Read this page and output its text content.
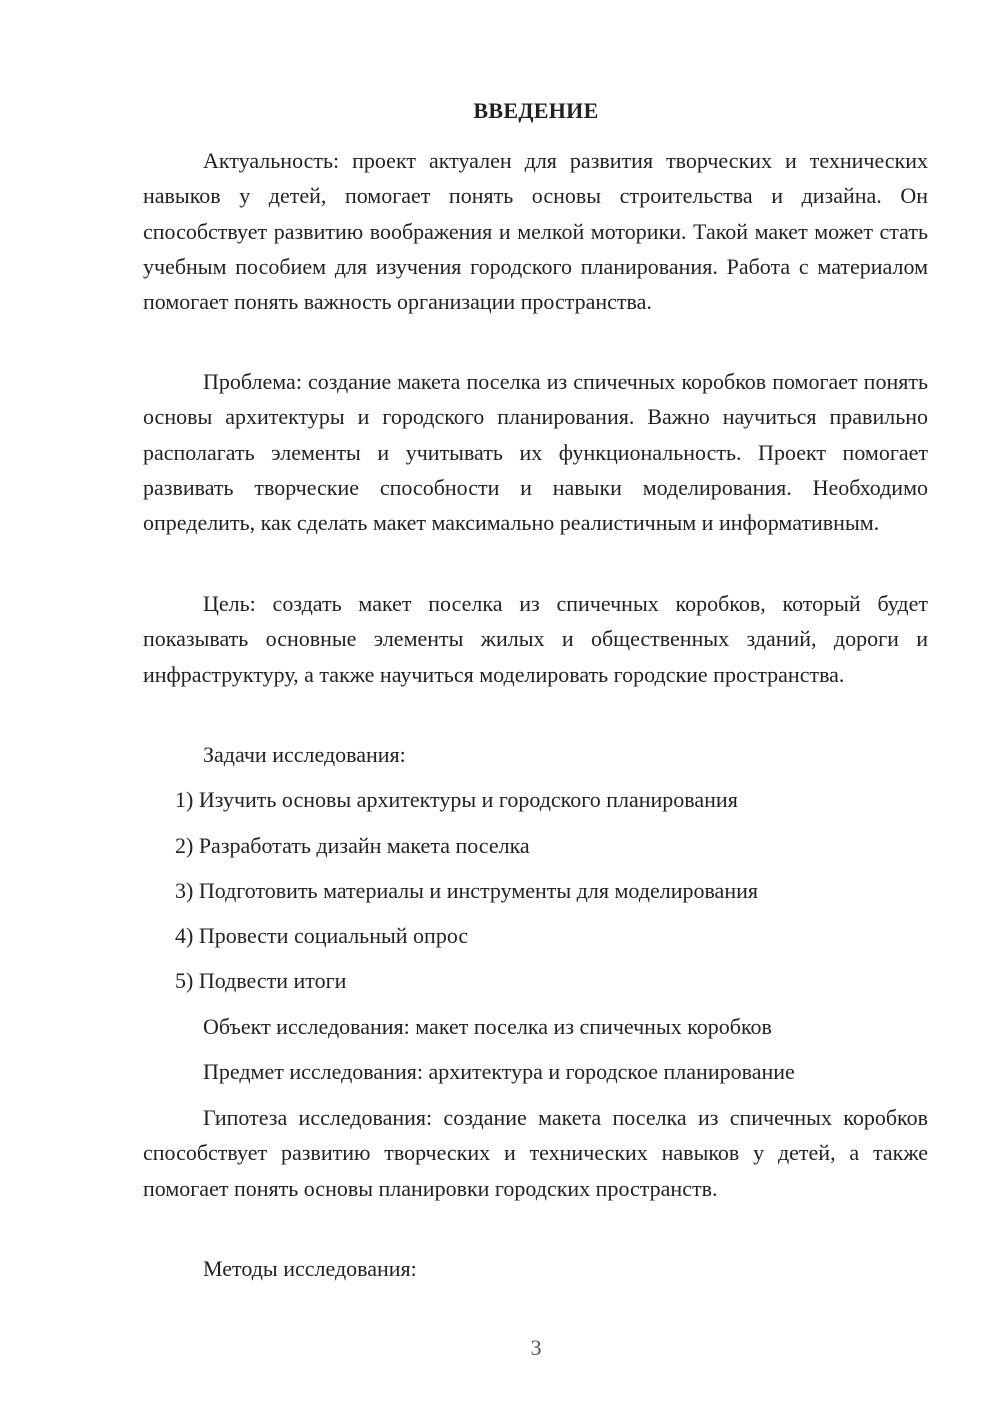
ВВЕДЕНИЕ

Актуальность: проект актуален для развития творческих и технических навыков у детей, помогает понять основы строительства и дизайна. Он способствует развитию воображения и мелкой моторики. Такой макет может стать учебным пособием для изучения городского планирования. Работа с материалом помогает понять важность организации пространства.

Проблема: создание макета поселка из спичечных коробков помогает понять основы архитектуры и городского планирования. Важно научиться правильно располагать элементы и учитывать их функциональность. Проект помогает развивать творческие способности и навыки моделирования. Необходимо определить, как сделать макет максимально реалистичным и информативным.

Цель: создать макет поселка из спичечных коробков, который будет показывать основные элементы жилых и общественных зданий, дороги и инфраструктуру, а также научиться моделировать городские пространства.

Задачи исследования:
1) Изучить основы архитектуры и городского планирования
2) Разработать дизайн макета поселка
3) Подготовить материалы и инструменты для моделирования
4) Провести социальный опрос
5) Подвести итоги
Объект исследования: макет поселка из спичечных коробков
Предмет исследования: архитектура и городское планирование

Гипотеза исследования: создание макета поселка из спичечных коробков способствует развитию творческих и технических навыков у детей, а также помогает понять основы планировки городских пространств.

Методы исследования:
3
